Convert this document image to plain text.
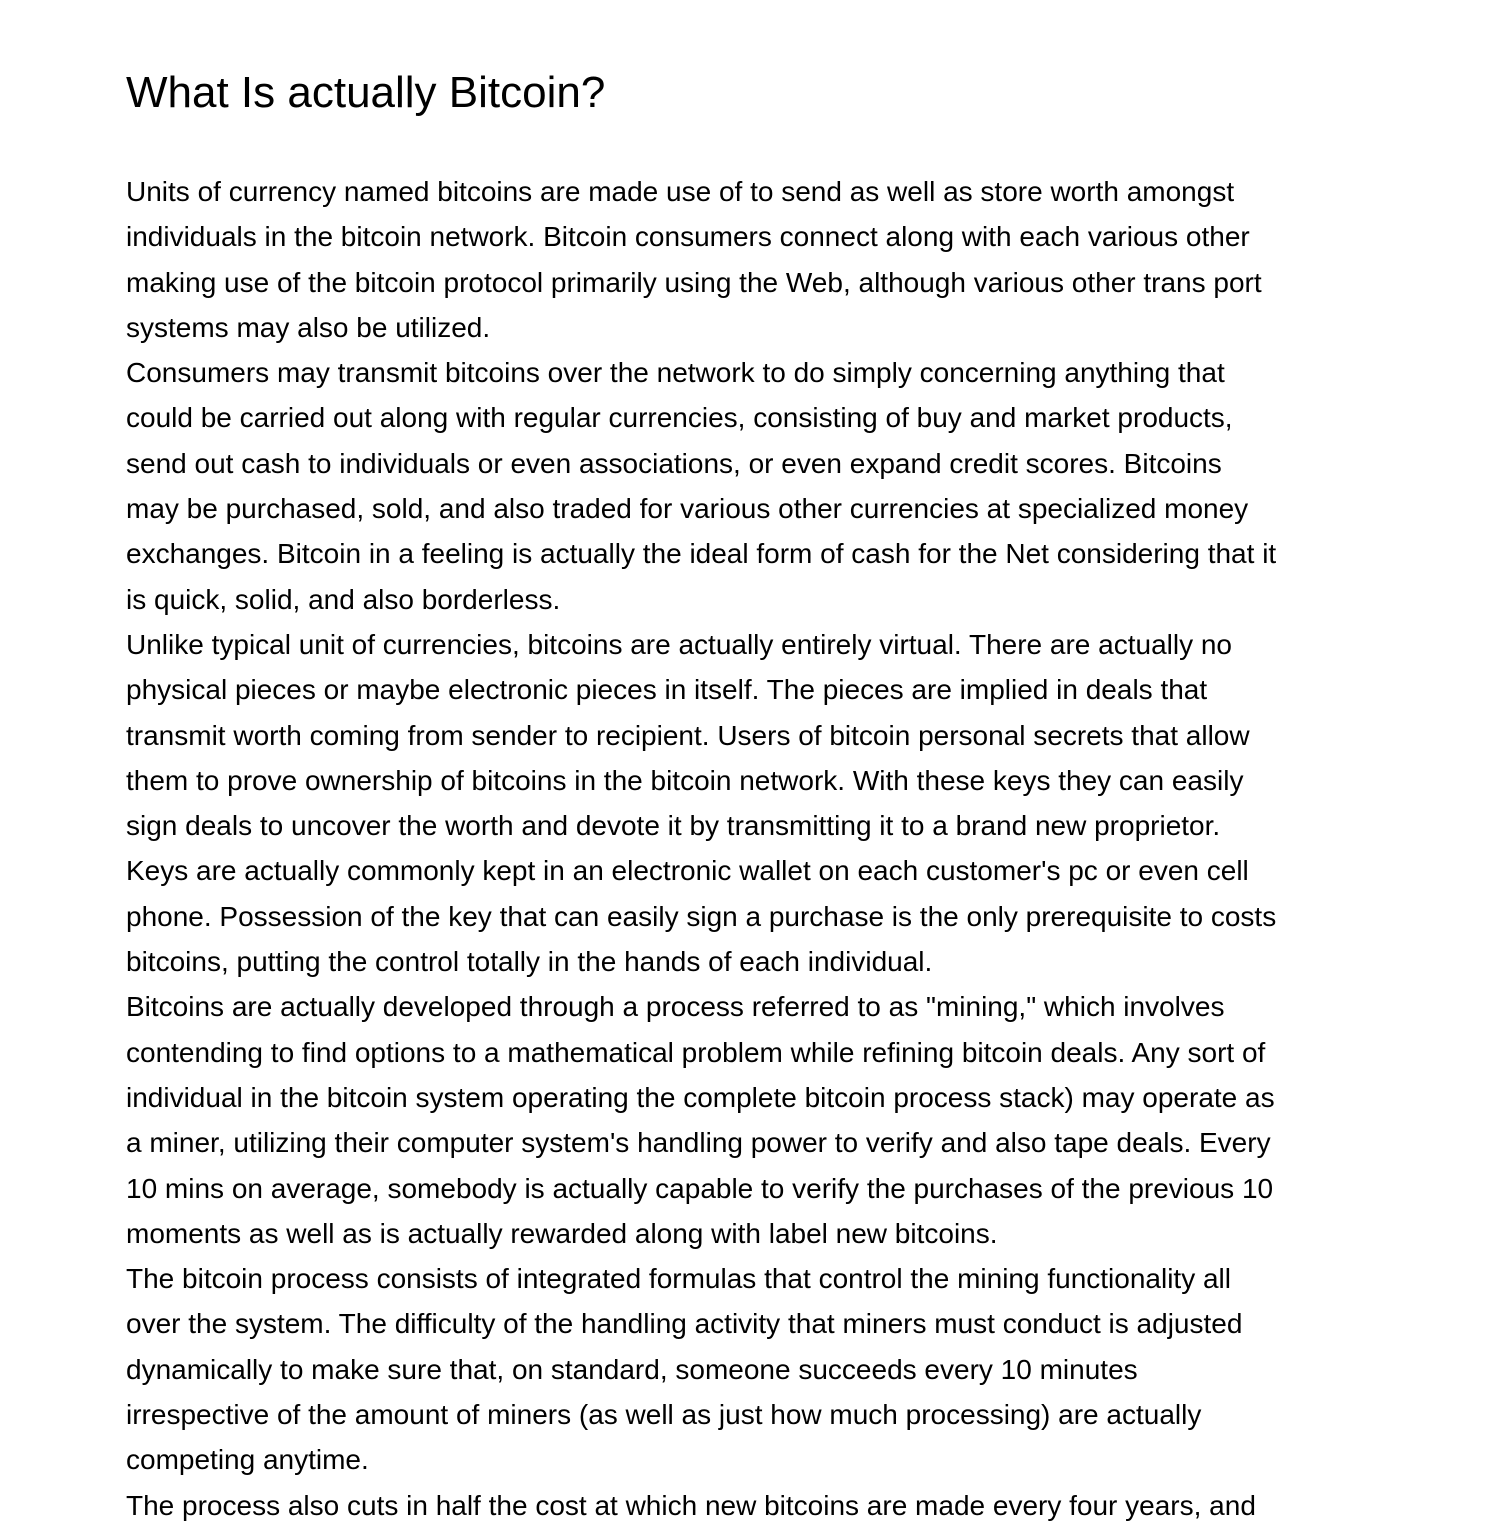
What Is actually Bitcoin?
Units of currency named bitcoins are made use of to send as well as store worth amongst
individuals in the bitcoin network. Bitcoin consumers connect along with each various other
making use of the bitcoin protocol primarily using the Web, although various other trans port
systems may also be utilized.
Consumers may transmit bitcoins over the network to do simply concerning anything that
could be carried out along with regular currencies, consisting of buy and market products,
send out cash to individuals or even associations, or even expand credit scores. Bitcoins
may be purchased, sold, and also traded for various other currencies at specialized money
exchanges. Bitcoin in a feeling is actually the ideal form of cash for the Net considering that it
is quick, solid, and also borderless.
Unlike typical unit of currencies, bitcoins are actually entirely virtual. There are actually no
physical pieces or maybe electronic pieces in itself. The pieces are implied in deals that
transmit worth coming from sender to recipient. Users of bitcoin personal secrets that allow
them to prove ownership of bitcoins in the bitcoin network. With these keys they can easily
sign deals to uncover the worth and devote it by transmitting it to a brand new proprietor.
Keys are actually commonly kept in an electronic wallet on each customer's pc or even cell
phone. Possession of the key that can easily sign a purchase is the only prerequisite to costs
bitcoins, putting the control totally in the hands of each individual.
Bitcoins are actually developed through a process referred to as "mining," which involves
contending to find options to a mathematical problem while refining bitcoin deals. Any sort of
individual in the bitcoin system operating the complete bitcoin process stack) may operate as
a miner, utilizing their computer system's handling power to verify and also tape deals. Every
10 mins on average, somebody is actually capable to verify the purchases of the previous 10
moments as well as is actually rewarded along with label new bitcoins.
The bitcoin process consists of integrated formulas that control the mining functionality all
over the system. The difficulty of the handling activity that miners must conduct is adjusted
dynamically to make sure that, on standard, someone succeeds every 10 minutes
irrespective of the amount of miners (as well as just how much processing) are actually
competing anytime.
The process also cuts in half the cost at which new bitcoins are made every four years, and
